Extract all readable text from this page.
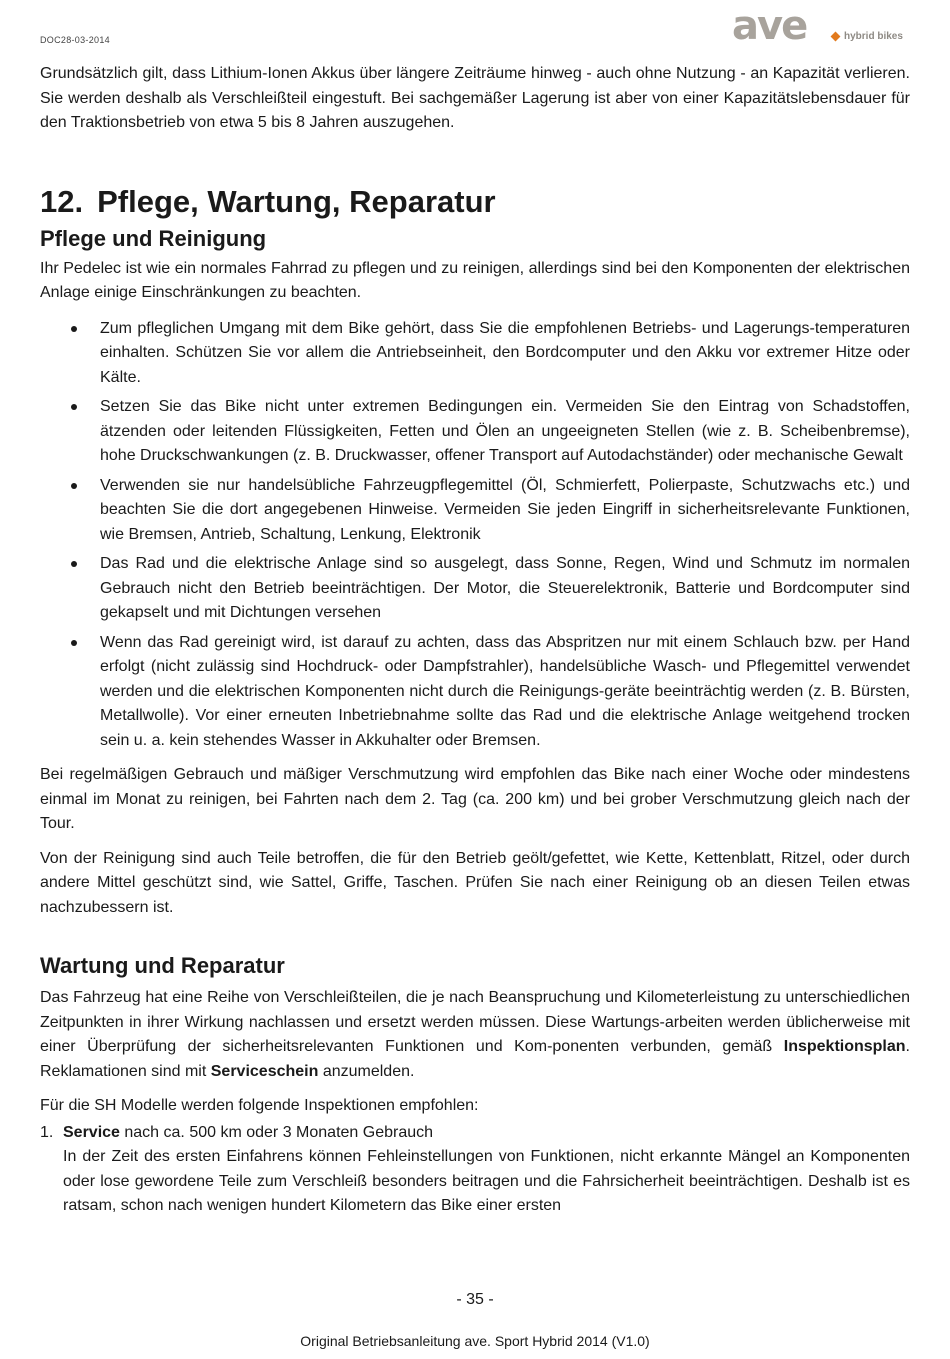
DOC28-03-2014	ave	hybrid bikes

Grundsätzlich gilt, dass Lithium-Ionen Akkus über längere Zeiträume hinweg - auch ohne Nutzung - an Kapazität verlieren. Sie werden deshalb als Verschleißteil eingestuft. Bei sachgemäßer Lagerung ist aber von einer Kapazitätslebensdauer für den Traktionsbetrieb von etwa 5 bis 8 Jahren auszugehen.

12. Pflege, Wartung, Reparatur
Pflege und Reinigung

Ihr Pedelec ist wie ein normales Fahrrad zu pflegen und zu reinigen, allerdings sind bei den Komponenten der elektrischen Anlage einige Einschränkungen zu beachten.

Zum pfleglichen Umgang mit dem Bike gehört, dass Sie die empfohlenen Betriebs- und Lagerungs-temperaturen einhalten. Schützen Sie vor allem die Antriebseinheit, den Bordcomputer und den Akku vor extremer Hitze oder Kälte.
Setzen Sie das Bike nicht unter extremen Bedingungen ein. Vermeiden Sie den Eintrag von Schadstoffen, ätzenden oder leitenden Flüssigkeiten, Fetten und Ölen an ungeeigneten Stellen (wie z. B. Scheibenbremse), hohe Druckschwankungen (z. B. Druckwasser, offener Transport auf Autodachständer) oder mechanische Gewalt
Verwenden sie nur handelsübliche Fahrzeugpflegemittel (Öl, Schmierfett, Polierpaste, Schutzwachs etc.) und beachten Sie die dort angegebenen Hinweise. Vermeiden Sie jeden Eingriff in sicherheitsrelevante Funktionen, wie Bremsen, Antrieb, Schaltung, Lenkung, Elektronik
Das Rad und die elektrische Anlage sind so ausgelegt, dass Sonne, Regen, Wind und Schmutz im normalen Gebrauch nicht den Betrieb beeinträchtigen. Der Motor, die Steuerelektronik, Batterie und Bordcomputer sind gekapselt und mit Dichtungen versehen
Wenn das Rad gereinigt wird, ist darauf zu achten, dass das Abspritzen nur mit einem Schlauch bzw. per Hand erfolgt (nicht zulässig sind Hochdruck- oder Dampfstrahler), handelsübliche Wasch- und Pflegemittel verwendet werden und die elektrischen Komponenten nicht durch die Reinigungs-geräte beeinträchtig werden (z. B. Bürsten, Metallwolle). Vor einer erneuten Inbetriebnahme sollte das Rad und die elektrische Anlage weitgehend trocken sein u. a. kein stehendes Wasser in Akkuhalter oder Bremsen.

Bei regelmäßigen Gebrauch und mäßiger Verschmutzung wird empfohlen das Bike nach einer Woche oder mindestens einmal im Monat zu reinigen, bei Fahrten nach dem 2. Tag (ca. 200 km) und bei grober Verschmutzung gleich nach der Tour.

Von der Reinigung sind auch Teile betroffen, die für den Betrieb geölt/gefettet, wie Kette, Kettenblatt, Ritzel, oder durch andere Mittel geschützt sind, wie Sattel, Griffe, Taschen. Prüfen Sie nach einer Reinigung ob an diesen Teilen etwas nachzubessern ist.

Wartung und Reparatur

Das Fahrzeug hat eine Reihe von Verschleißteilen, die je nach Beanspruchung und Kilometerleistung zu unterschiedlichen Zeitpunkten in ihrer Wirkung nachlassen und ersetzt werden müssen. Diese Wartungs-arbeiten werden üblicherweise mit einer Überprüfung der sicherheitsrelevanten Funktionen und Kom-ponenten verbunden, gemäß Inspektionsplan. Reklamationen sind mit Serviceschein anzumelden.

Für die SH Modelle werden folgende Inspektionen empfohlen:

1. Service nach ca. 500 km oder 3 Monaten Gebrauch

In der Zeit des ersten Einfahrens können Fehleinstellungen von Funktionen, nicht erkannte Mängel an Komponenten oder lose gewordene Teile zum Verschleiß besonders beitragen und die Fahrsicherheit beeinträchtigen. Deshalb ist es ratsam, schon nach wenigen hundert Kilometern das Bike einer ersten

- 35 -
Original Betriebsanleitung ave. Sport Hybrid 2014 (V1.0)
